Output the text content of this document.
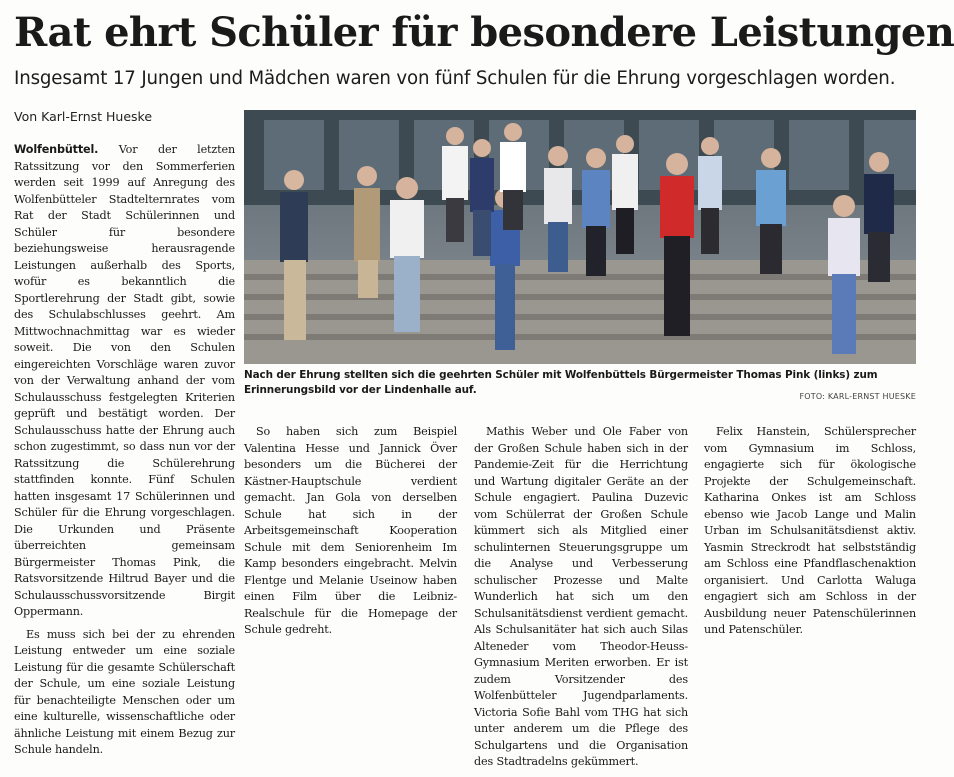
Rat ehrt Schüler für besondere Leistungen
Insgesamt 17 Jungen und Mädchen waren von fünf Schulen für die Ehrung vorgeschlagen worden.
Von Karl-Ernst Hueske
Nach der Ehrung stellten sich die geehrten Schüler mit Wolfenbüttels Bürgermeister Thomas Pink (links) zum Erinnerungsbild vor der Lindenhalle auf.
FOTO: KARL-ERNST HUESKE

Wolfenbüttel. Vor der letzten Ratssitzung vor den Sommerferien werden seit 1999 auf Anregung des Wolfenbütteler Stadtelternrates vom Rat der Stadt Schülerinnen und Schüler für besondere beziehungsweise herausragende Leistungen außerhalb des Sports, wofür es bekanntlich die Sportlerehrung der Stadt gibt, sowie des Schulabschlusses geehrt. Am Mittwochnachmittag war es wieder soweit. Die von den Schulen eingereichten Vorschläge waren zuvor von der Verwaltung anhand der vom Schulausschuss festgelegten Kriterien geprüft und bestätigt worden. Der Schulausschuss hatte der Ehrung auch schon zugestimmt, so dass nun vor der Ratssitzung die Schülerehrung stattfinden konnte. Fünf Schulen hatten insgesamt 17 Schülerinnen und Schüler für die Ehrung vorgeschlagen. Die Urkunden und Präsente überreichten gemeinsam Bürgermeister Thomas Pink, die Ratsvorsitzende Hiltrud Bayer und die Schulausschussvorsitzende Birgit Oppermann.

Es muss sich bei der zu ehrenden Leistung entweder um eine soziale Leistung für die gesamte Schülerschaft der Schule, um eine soziale Leistung für benachteiligte Menschen oder um eine kulturelle, wissenschaftliche oder ähnliche Leistung mit einem Bezug zur Schule handeln.

So haben sich zum Beispiel Valentina Hesse und Jannick Över besonders um die Bücherei der Kästner-Hauptschule verdient gemacht. Jan Gola von derselben Schule hat sich in der Arbeitsgemeinschaft Kooperation Schule mit dem Seniorenheim Im Kamp besonders eingebracht. Melvin Flentge und Melanie Useinow haben einen Film über die Leibniz-Realschule für die Homepage der Schule gedreht.

Mathis Weber und Ole Faber von der Großen Schule haben sich in der Pandemie-Zeit für die Herrichtung und Wartung digitaler Geräte an der Schule engagiert. Paulina Duzevic vom Schülerrat der Großen Schule kümmert sich als Mitglied einer schulinternen Steuerungsgruppe um die Analyse und Verbesserung schulischer Prozesse und Malte Wunderlich hat sich um den Schulsanitätsdienst verdient gemacht. Als Schulsanitäter hat sich auch Silas Alteneder vom Theodor-Heuss-Gymnasium Meriten erworben. Er ist zudem Vorsitzender des Wolfenbütteler Jugendparlaments. Victoria Sofie Bahl vom THG hat sich unter anderem um die Pflege des Schulgartens und die Organisation des Stadtradelns gekümmert.

Felix Hanstein, Schülersprecher vom Gymnasium im Schloss, engagierte sich für ökologische Projekte der Schulgemeinschaft. Katharina Onkes ist am Schloss ebenso wie Jacob Lange und Malin Urban im Schulsanitätsdienst aktiv. Yasmin Streckrodt hat selbstständig am Schloss eine Pfandflaschenaktion organisiert. Und Carlotta Waluga engagiert sich am Schloss in der Ausbildung neuer Patenschülerinnen und Patenschüler.
